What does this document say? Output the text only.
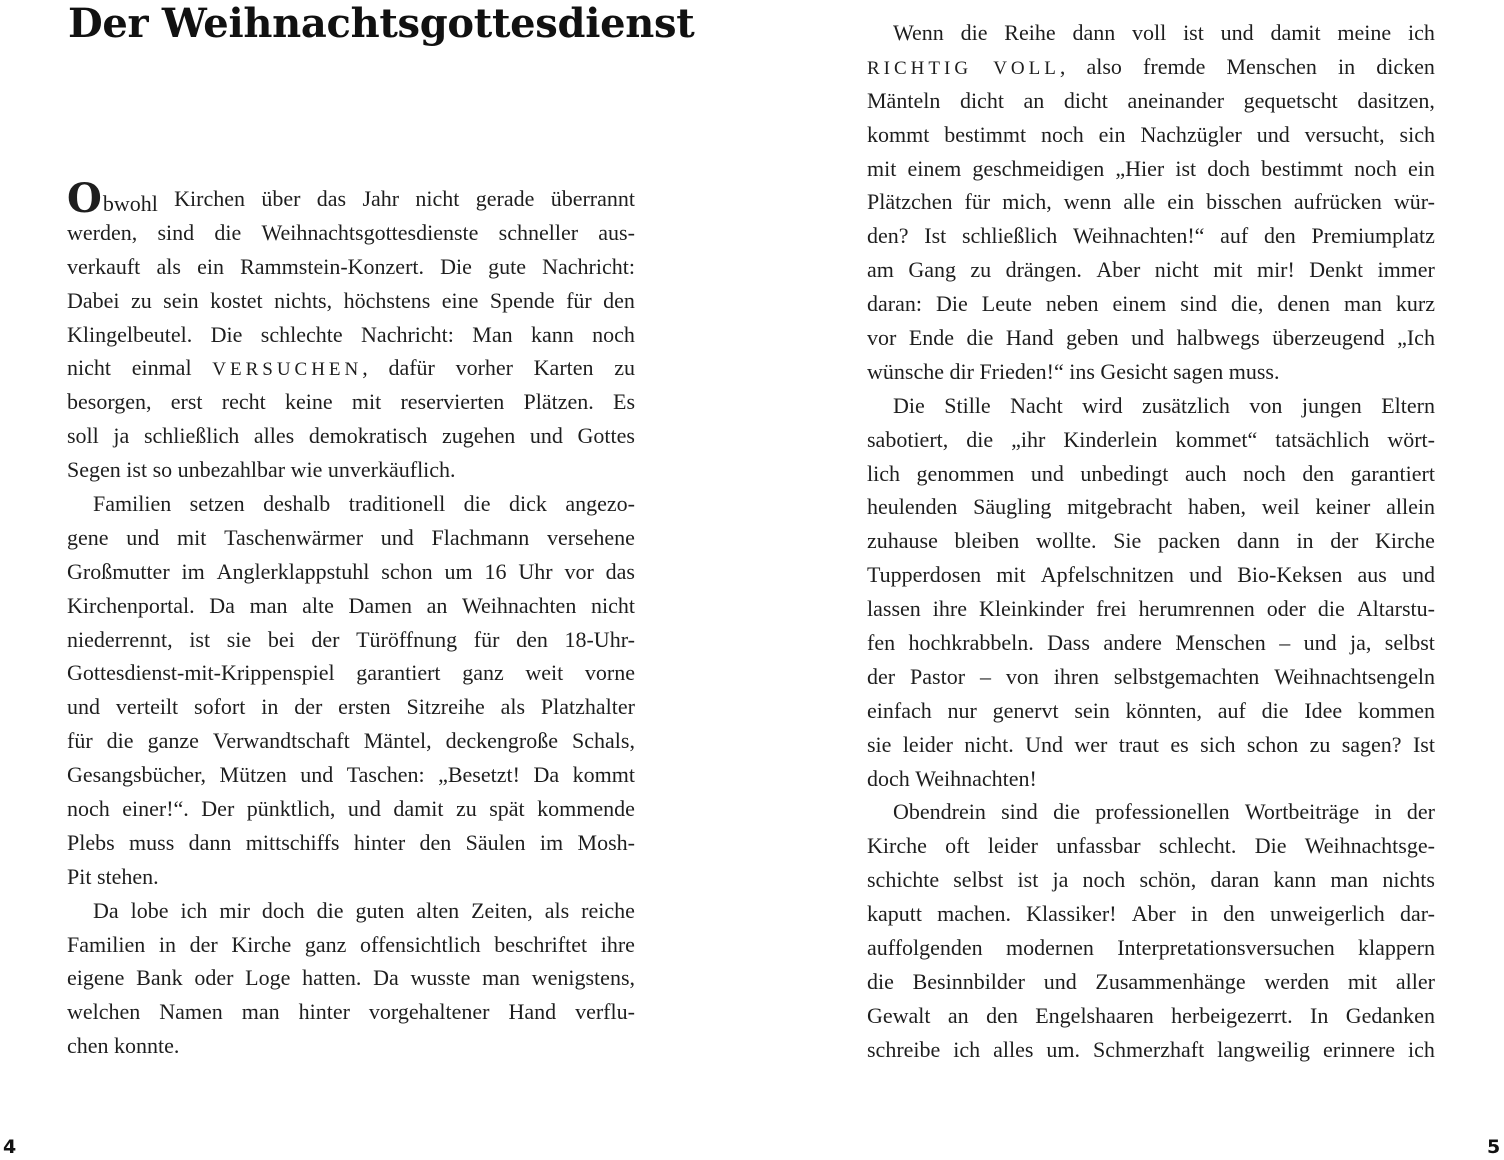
Der Weihnachtsgottesdienst
Obwohl Kirchen über das Jahr nicht gerade überrannt
werden, sind die Weihnachtsgottesdienste schneller aus-
verkauft als ein Rammstein-Konzert. Die gute Nachricht:
Dabei zu sein kostet nichts, höchstens eine Spende für den
Klingelbeutel. Die schlechte Nachricht: Man kann noch
nicht einmal VERSUCHEN, dafür vorher Karten zu
besorgen, erst recht keine mit reservierten Plätzen. Es
soll ja schließlich alles demokratisch zugehen und Gottes
Segen ist so unbezahlbar wie unverkäuflich.
Familien setzen deshalb traditionell die dick angezo-
gene und mit Taschenwärmer und Flachmann versehene
Großmutter im Anglerklappstuhl schon um 16 Uhr vor das
Kirchenportal. Da man alte Damen an Weihnachten nicht
niederrennt, ist sie bei der Türöffnung für den 18-Uhr-
Gottesdienst-mit-Krippenspiel garantiert ganz weit vorne
und verteilt sofort in der ersten Sitzreihe als Platzhalter
für die ganze Verwandtschaft Mäntel, deckengroße Schals,
Gesangsbücher, Mützen und Taschen: „Besetzt! Da kommt
noch einer!“. Der pünktlich, und damit zu spät kommende
Plebs muss dann mittschiffs hinter den Säulen im Mosh-
Pit stehen.
Da lobe ich mir doch die guten alten Zeiten, als reiche
Familien in der Kirche ganz offensichtlich beschriftet ihre
eigene Bank oder Loge hatten. Da wusste man wenigstens,
welchen Namen man hinter vorgehaltener Hand verflu-
chen konnte.
4
Wenn die Reihe dann voll ist und damit meine ich
RICHTIG VOLL, also fremde Menschen in dicken
Mänteln dicht an dicht aneinander gequetscht dasitzen,
kommt bestimmt noch ein Nachzügler und versucht, sich
mit einem geschmeidigen „Hier ist doch bestimmt noch ein
Plätzchen für mich, wenn alle ein bisschen aufrücken wür-
den? Ist schließlich Weihnachten!“ auf den Premiumplatz
am Gang zu drängen. Aber nicht mit mir! Denkt immer
daran: Die Leute neben einem sind die, denen man kurz
vor Ende die Hand geben und halbwegs überzeugend „Ich
wünsche dir Frieden!“ ins Gesicht sagen muss.
Die Stille Nacht wird zusätzlich von jungen Eltern
sabotiert, die „ihr Kinderlein kommet“ tatsächlich wört-
lich genommen und unbedingt auch noch den garantiert
heulenden Säugling mitgebracht haben, weil keiner allein
zuhause bleiben wollte. Sie packen dann in der Kirche
Tupperdosen mit Apfelschnitzen und Bio-Keksen aus und
lassen ihre Kleinkinder frei herumrennen oder die Altarstu-
fen hochkrabbeln. Dass andere Menschen – und ja, selbst
der Pastor – von ihren selbstgemachten Weihnachtsengeln
einfach nur genervt sein könnten, auf die Idee kommen
sie leider nicht. Und wer traut es sich schon zu sagen? Ist
doch Weihnachten!
Obendrein sind die professionellen Wortbeiträge in der
Kirche oft leider unfassbar schlecht. Die Weihnachtsge-
schichte selbst ist ja noch schön, daran kann man nichts
kaputt machen. Klassiker! Aber in den unweigerlich dar-
auffolgenden modernen Interpretationsversuchen klappern
die Besinnbilder und Zusammenhänge werden mit aller
Gewalt an den Engelshaaren herbeigezerrt. In Gedanken
schreibe ich alles um. Schmerzhaft langweilig erinnere ich
5
